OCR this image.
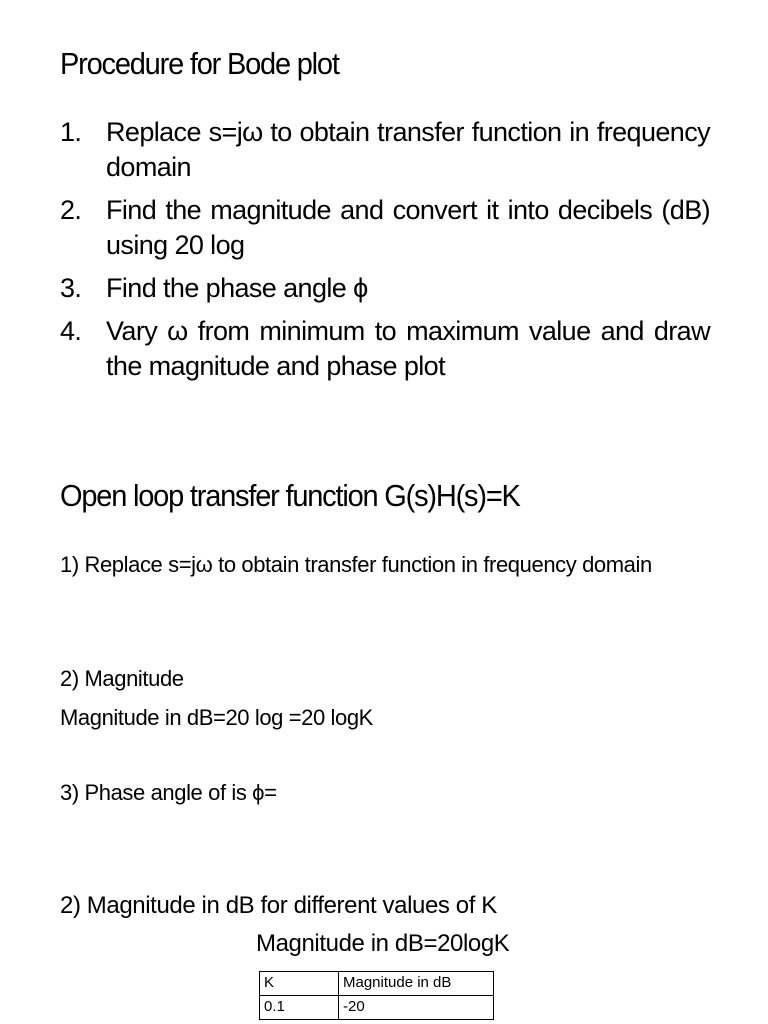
Procedure for Bode plot
1. Replace s=jω to obtain transfer function in frequency domain
2. Find the magnitude and convert it into decibels (dB) using 20 log
3. Find the phase angle ϕ
4. Vary ω from minimum to maximum value and draw the magnitude and phase plot
Open loop transfer function G(s)H(s)=K
1) Replace s=jω to obtain transfer function in frequency domain
2) Magnitude
Magnitude in dB=20 log =20 logK
3) Phase angle of is ϕ=
2) Magnitude in dB for different values of K
Magnitude in dB=20logK
K	Magnitude in dB
0.1	-20
